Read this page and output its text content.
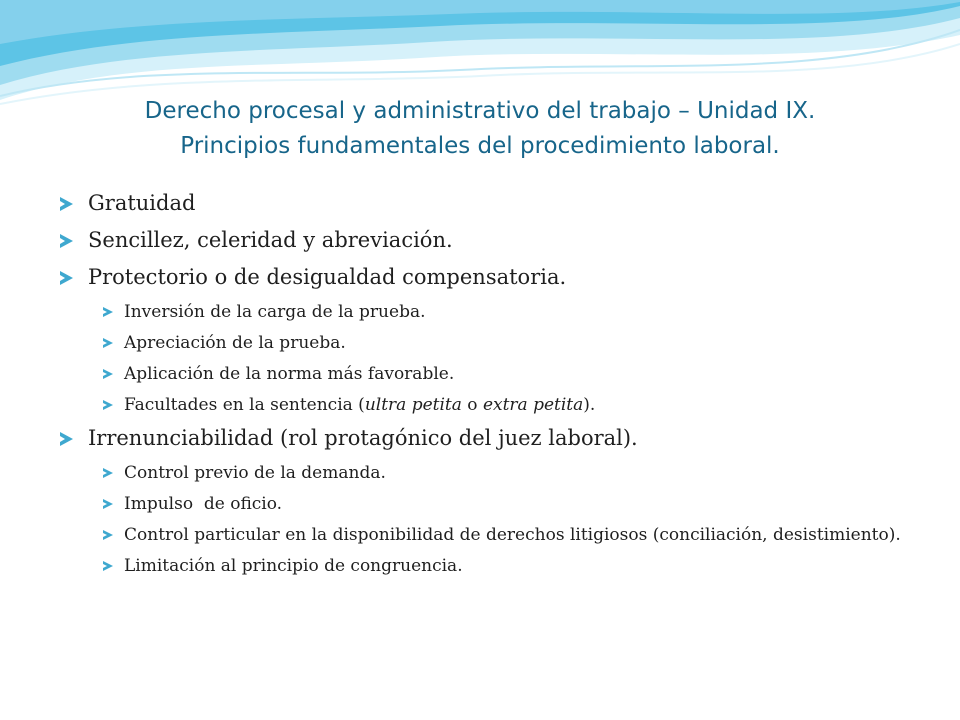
Derecho procesal y administrativo del trabajo – Unidad IX.
Principios fundamentales del procedimiento laboral.
Gratuidad
Sencillez, celeridad y abreviación.
Protectorio o de desigualdad compensatoria.
Inversión de la carga de la prueba.
Apreciación de la prueba.
Aplicación de la norma más favorable.
Facultades en la sentencia (ultra petita o extra petita).
Irrenunciabilidad (rol protagónico del juez laboral).
Control previo de la demanda.
Impulso  de oficio.
Control particular en la disponibilidad de derechos litigiosos (conciliación, desistimiento).
Limitación al principio de congruencia.
